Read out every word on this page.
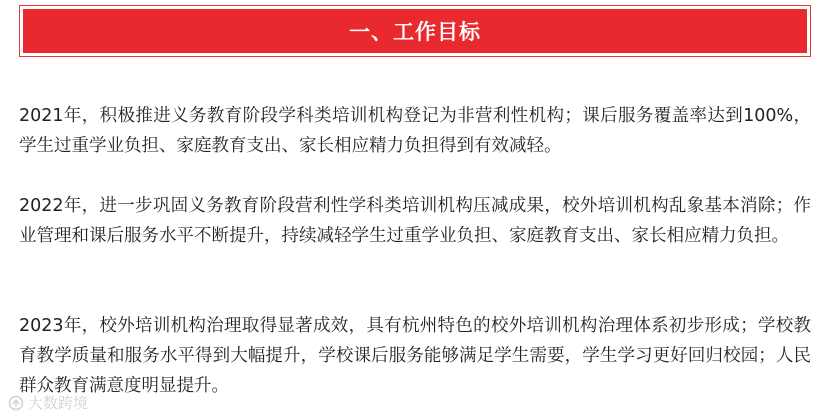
一、工作目标

2021年，积极推进义务教育阶段学科类培训机构登记为非营利性机构；课后服务覆盖率达到100%，学生过重学业负担、家庭教育支出、家长相应精力负担得到有效减轻。

2022年，进一步巩固义务教育阶段营利性学科类培训机构压减成果，校外培训机构乱象基本消除；作业管理和课后服务水平不断提升，持续减轻学生过重学业负担、家庭教育支出、家长相应精力负担。

2023年，校外培训机构治理取得显著成效，具有杭州特色的校外培训机构治理体系初步形成；学校教育教学质量和服务水平得到大幅提升，学校课后服务能够满足学生需要，学生学习更好回归校园；人民群众教育满意度明显提升。

大数跨境
